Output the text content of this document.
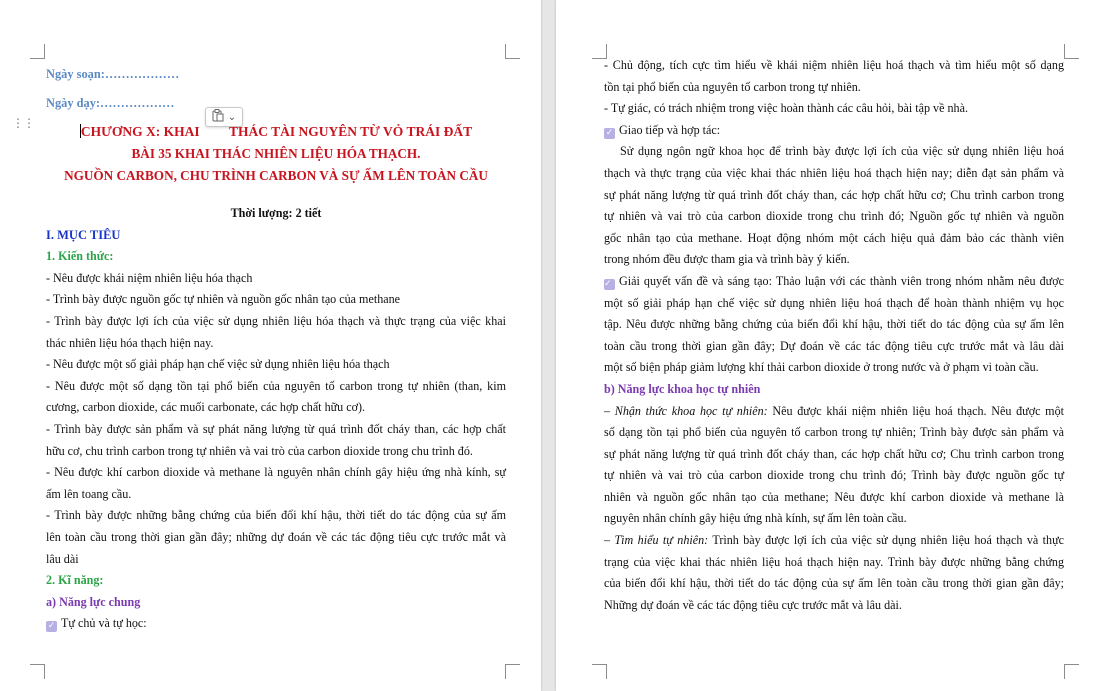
⋮⋮	⌄
Ngày soạn:………………
Ngày dạy:………………
CHƯƠNG X: KHAI THÁC TÀI NGUYÊN TỪ VỎ TRÁI ĐẤT
BÀI 35 KHAI THÁC NHIÊN LIỆU HÓA THẠCH.
NGUỒN CARBON, CHU TRÌNH CARBON VÀ SỰ ẤM LÊN TOÀN CẦU
Thời lượng: 2 tiết
I. MỤC TIÊU
1. Kiến thức:
- Nêu được khái niệm nhiên liệu hóa thạch
- Trình bày được nguồn gốc tự nhiên và nguồn gốc nhân tạo của methane
- Trình bày được lợi ích của việc sử dụng nhiên liệu hóa thạch và thực trạng của việc khai
thác nhiên liệu hóa thạch hiện nay.
- Nêu được một số giải pháp hạn chế việc sử dụng nhiên liệu hóa thạch
- Nêu được một số dạng tồn tại phổ biến của nguyên tố carbon trong tự nhiên (than, kim
cương, carbon dioxide, các muối carbonate, các hợp chất hữu cơ).
- Trình bày được sản phẩm và sự phát năng lượng từ quá trình đốt cháy than, các hợp chất
hữu cơ, chu trình carbon trong tự nhiên và vai trò của carbon dioxide trong chu trình đó.
- Nêu được khí carbon dioxide và methane là nguyên nhân chính gây hiệu ứng nhà kính, sự
ấm lên toang cầu.
- Trình bày được những bằng chứng của biến đổi khí hậu, thời tiết do tác động của sự ấm
lên toàn cầu trong thời gian gần đây; những dự đoán về các tác động tiêu cực trước mắt và
lâu dài
2. Kĩ năng:
a) Năng lực chung
✓ Tự chủ và tự học:
- Chủ động, tích cực tìm hiểu về khái niệm nhiên liệu hoá thạch và tìm hiểu một số dạng
tồn tại phổ biến của nguyên tố carbon trong tự nhiên.
- Tự giác, có trách nhiệm trong việc hoàn thành các câu hỏi, bài tập về nhà.
✓ Giao tiếp và hợp tác:
Sử dụng ngôn ngữ khoa học để trình bày được lợi ích của việc sử dụng nhiên liệu hoá
thạch và thực trạng của việc khai thác nhiên liệu hoá thạch hiện nay; diễn đạt sản phẩm và
sự phát năng lượng từ quá trình đốt cháy than, các hợp chất hữu cơ; Chu trình carbon trong
tự nhiên và vai trò của carbon dioxide trong chu trình đó; Nguồn gốc tự nhiên và nguồn
gốc nhân tạo của methane. Hoạt động nhóm một cách hiệu quả đảm bảo các thành viên
trong nhóm đều được tham gia và trình bày ý kiến.
✓ Giải quyết vấn đề và sáng tạo: Thảo luận với các thành viên trong nhóm nhằm nêu được
một số giải pháp hạn chế việc sử dụng nhiên liệu hoá thạch để hoàn thành nhiệm vụ học
tập. Nêu được những bằng chứng của biến đổi khí hậu, thời tiết do tác động của sự ấm lên
toàn cầu trong thời gian gần đây; Dự đoán về các tác động tiêu cực trước mắt và lâu dài
một số biện pháp giảm lượng khí thải carbon dioxide ở trong nước và ở phạm vi toàn cầu.
b) Năng lực khoa học tự nhiên
– Nhận thức khoa học tự nhiên: Nêu được khái niệm nhiên liệu hoá thạch. Nêu được một
số dạng tồn tại phổ biến của nguyên tố carbon trong tự nhiên; Trình bày được sản phẩm và
sự phát năng lượng từ quá trình đốt cháy than, các hợp chất hữu cơ; Chu trình carbon trong
tự nhiên và vai trò của carbon dioxide trong chu trình đó; Trình bày được nguồn gốc tự
nhiên và nguồn gốc nhân tạo của methane; Nêu được khí carbon dioxide và methane là
nguyên nhân chính gây hiệu ứng nhà kính, sự ấm lên toàn cầu.
– Tìm hiểu tự nhiên: Trình bày được lợi ích của việc sử dụng nhiên liệu hoá thạch và thực
trạng của việc khai thác nhiên liệu hoá thạch hiện nay. Trình bày được những bằng chứng
của biến đổi khí hậu, thời tiết do tác động của sự ấm lên toàn cầu trong thời gian gần đây;
Những dự đoán về các tác động tiêu cực trước mắt và lâu dài.
